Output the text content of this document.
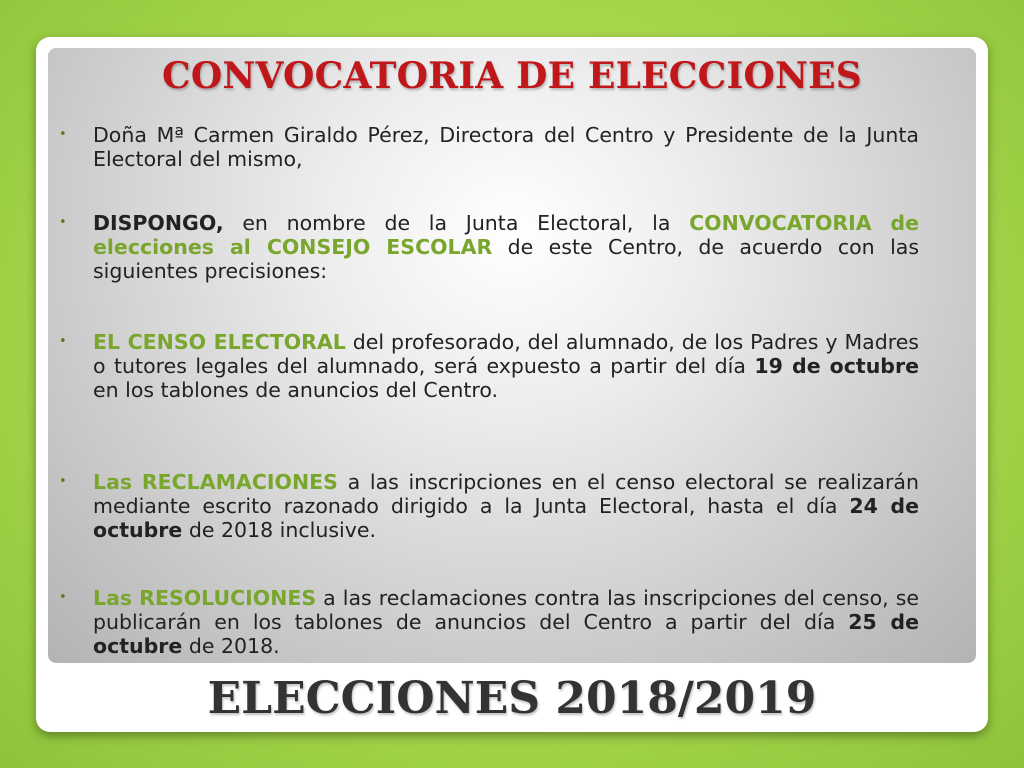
CONVOCATORIA DE ELECCIONES
• Doña Mª Carmen Giraldo Pérez, Directora del Centro y Presidente de la Junta Electoral del mismo,
• DISPONGO, en nombre de la Junta Electoral, la CONVOCATORIA de elecciones al CONSEJO ESCOLAR de este Centro, de acuerdo con las siguientes precisiones:
• EL CENSO ELECTORAL del profesorado, del alumnado, de los Padres y Madres o tutores legales del alumnado, será expuesto a partir del día 19 de octubre en los tablones de anuncios del Centro.
• Las RECLAMACIONES a las inscripciones en el censo electoral se realizarán mediante escrito razonado dirigido a la Junta Electoral, hasta el día 24 de octubre de 2018 inclusive.
• Las RESOLUCIONES a las reclamaciones contra las inscripciones del censo, se publicarán en los tablones de anuncios del Centro a partir del día 25 de octubre de 2018.
ELECCIONES 2018/2019
